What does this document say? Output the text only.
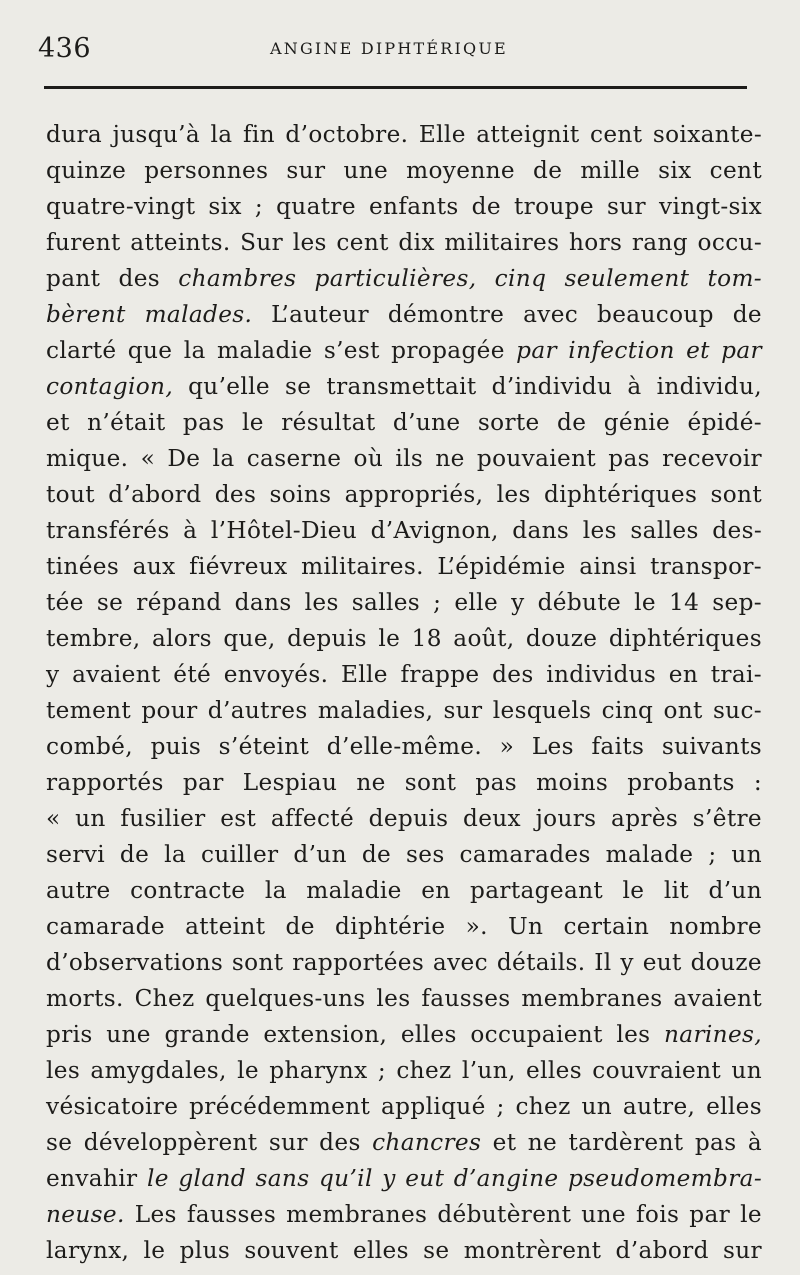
436	ANGINE DIPHTÉRIQUE
dura jusqu’à la fin d’octobre. Elle atteignit cent soixante-
quinze personnes sur une moyenne de mille six cent
quatre-vingt six ; quatre enfants de troupe sur vingt-six
furent atteints. Sur les cent dix militaires hors rang occu-
pant des chambres particulières, cinq seulement tom-
bèrent malades. L’auteur démontre avec beaucoup de
clarté que la maladie s’est propagée par infection et par
contagion, qu’elle se transmettait d’individu à individu,
et n’était pas le résultat d’une sorte de génie épidé-
mique. « De la caserne où ils ne pouvaient pas recevoir
tout d’abord des soins appropriés, les diphtériques sont
transférés à l’Hôtel-Dieu d’Avignon, dans les salles des-
tinées aux fiévreux militaires. L’épidémie ainsi transpor-
tée se répand dans les salles ; elle y débute le 14 sep-
tembre, alors que, depuis le 18 août, douze diphtériques
y avaient été envoyés. Elle frappe des individus en trai-
tement pour d’autres maladies, sur lesquels cinq ont suc-
combé, puis s’éteint d’elle-même. » Les faits suivants
rapportés par Lespiau ne sont pas moins probants :
« un fusilier est affecté depuis deux jours après s’être
servi de la cuiller d’un de ses camarades malade ; un
autre contracte la maladie en partageant le lit d’un
camarade atteint de diphtérie ». Un certain nombre
d’observations sont rapportées avec détails. Il y eut douze
morts. Chez quelques-uns les fausses membranes avaient
pris une grande extension, elles occupaient les narines,
les amygdales, le pharynx ; chez l’un, elles couvraient un
vésicatoire précédemment appliqué ; chez un autre, elles
se développèrent sur des chancres et ne tardèrent pas à
envahir le gland sans qu’il y eut d’angine pseudomembra-
neuse. Les fausses membranes débutèrent une fois par le
larynx, le plus souvent elles se montrèrent d’abord sur
